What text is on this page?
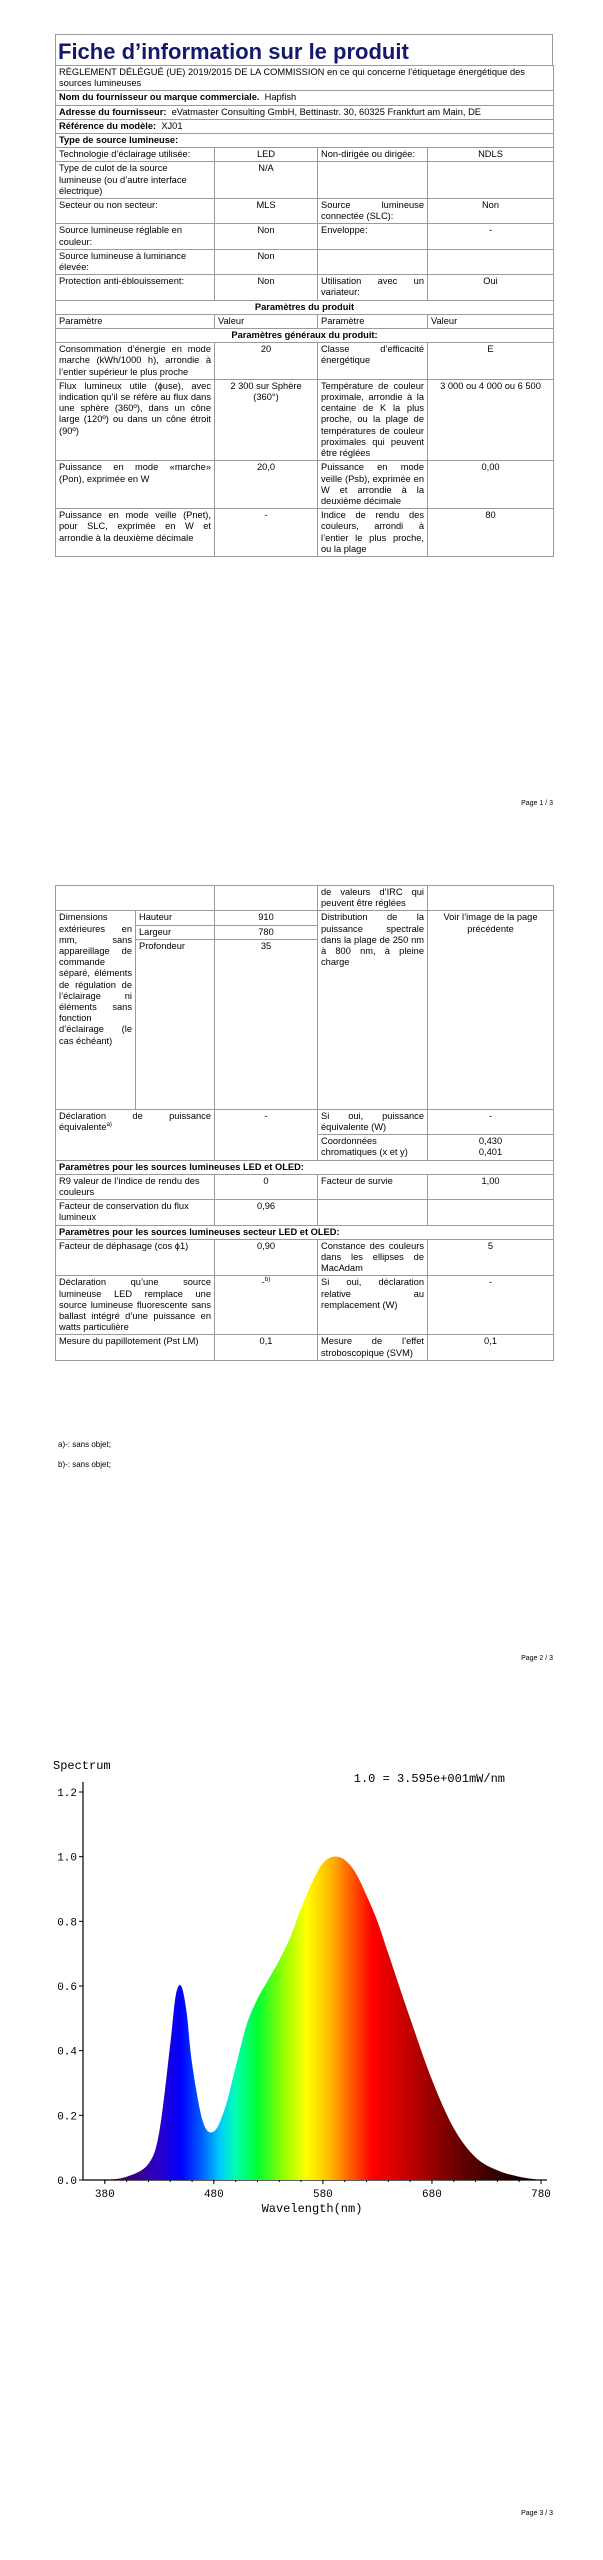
Fiche d’information sur le produit
RÈGLEMENT DÉLÉGUÉ (UE) 2019/2015 DE LA COMMISSION en ce qui concerne l’étiquetage énergétique des sources lumineuses			
Nom du fournisseur ou marque commerciale. Hapfish			
Adresse du fournisseur: eVatmaster Consulting GmbH, Bettinastr. 30, 60325 Frankfurt am Main, DE			
Référence du modèle: XJ01			
Type de source lumineuse:			
Technologie d’éclairage utilisée:	LED	Non-dirigée ou dirigée:	NDLS
Type de culot de la source lumineuse (ou d’autre interface électrique)	N/A		
Secteur ou non secteur:	MLS	Source lumineuse connectée (SLC):	Non
Source lumineuse réglable en couleur:	Non	Enveloppe:	-
Source lumineuse à luminance élevée:	Non		
Protection anti-éblouissement:	Non	Utilisation avec un variateur:	Oui
Paramètres du produit			
Paramètre	Valeur	Paramètre	Valeur
Paramètres généraux du produit:			
Consommation d’énergie en mode marche (kWh/1000 h), arrondie à l’entier supérieur le plus proche	20	Classe d’efficacité énergétique	E
Flux lumineux utile (ɸuse), avec indication qu’il se réfère au flux dans une sphère (360º), dans un cône large (120º) ou dans un cône étroit (90º)	2 300 sur Sphère (360°)	Température de couleur proximale, arrondie à la centaine de K la plus proche, ou la plage de températures de couleur proximales qui peuvent être réglées	3 000 ou 4 000 ou 6 500
Puissance en mode «marche» (Pon), exprimée en W	20,0	Puissance en mode veille (Psb), exprimée en W et arrondie à la deuxième décimale	0,00
Puissance en mode veille (Pnet), pour SLC, exprimée en W et arrondie à la deuxième décimale	-	Indice de rendu des couleurs, arrondi à l’entier le plus proche, ou la plage	80
Page 1 / 3
			de valeurs d’IRC qui peuvent être réglées	
Dimensions extérieures en mm, sans appareillage de commande séparé, éléments de régulation de l’éclairage ni éléments sans fonction d’éclairage (le cas échéant)	Hauteur	910	Distribution de la puissance spectrale dans la plage de 250 nm à 800 nm, à pleine charge	Voir l’image de la page précédente
	Largeur	780		
	Profondeur	35		
Déclaration de puissance équivalente$^{a)}$		-	Si oui, puissance équivalente (W)	-
			Coordonnées chromatiques (x et y)	0,430
0,401

Paramètres pour les sources lumineuses LED et OLED:				
R9 valeur de l’indice de rendu des couleurs		0	Facteur de survie	1,00
Facteur de conservation du flux lumineux		0,96		
Paramètres pour les sources lumineuses secteur LED et OLED:				
Facteur de déphasage (cos ϕ1)		0,90	Constance des couleurs dans les ellipses de MacAdam	5
Déclaration qu’une source lumineuse LED remplace une source lumineuse fluorescente sans ballast intégré d’une puissance en watts particulière		-$^{b)}$	Si oui, déclaration relative au remplacement (W)	-
Mesure du papillotement (Pst LM)		0,1	Mesure de l’effet stroboscopique (SVM)	0,1
a)-: sans objet;
b)-: sans objet;
Page 2 / 3
Page 3 / 3
Spectrum
1.0 = 3.595e+001mW/nm
Wavelength(nm)
0.0
0.2
0.4
0.6
0.8
1.0
1.2
380	480	580	680	780
